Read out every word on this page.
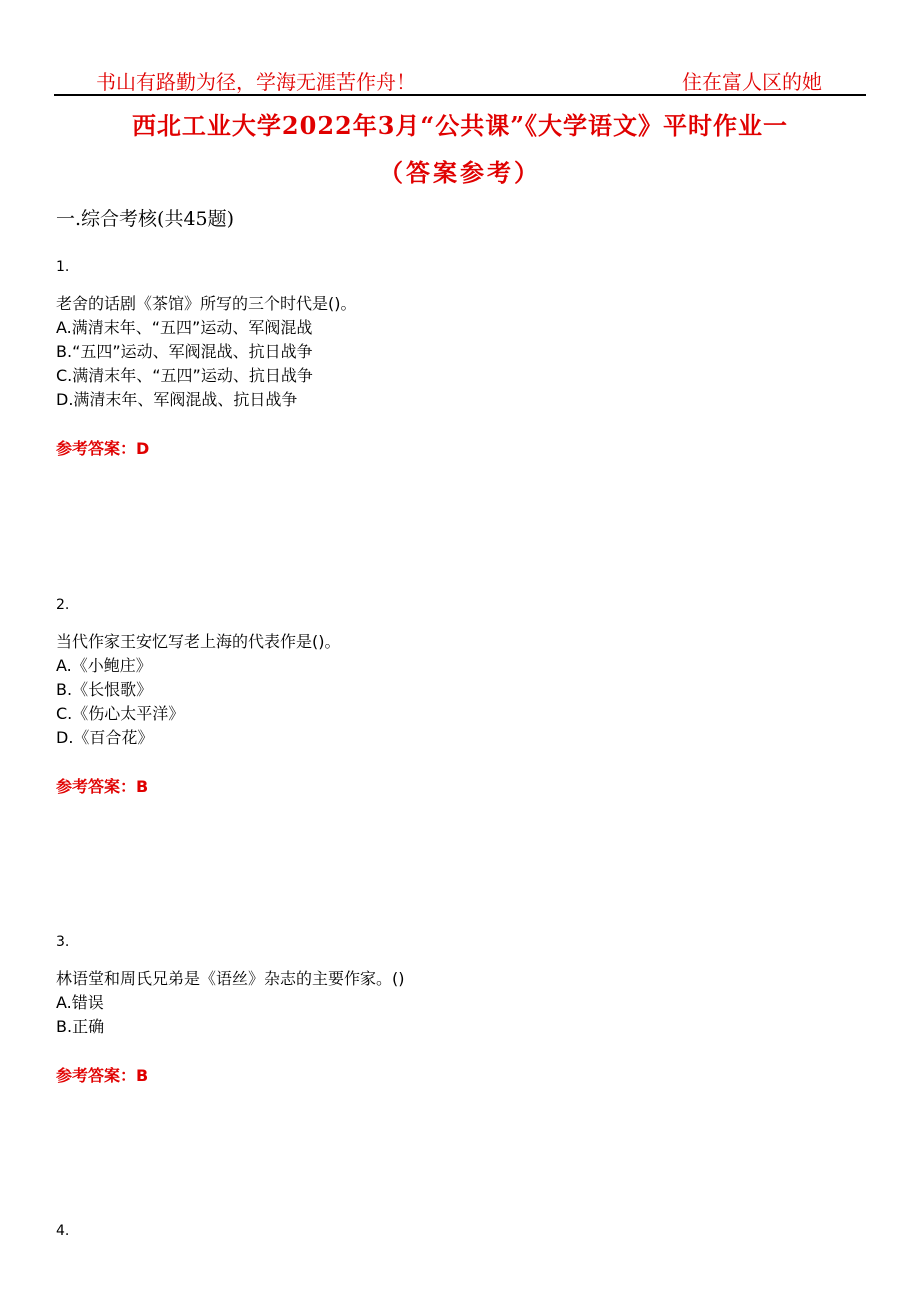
书山有路勤为径，学海无涯苦作舟！	住在富人区的她
西北工业大学2022年3月“公共课”《大学语文》平时作业一
（答案参考）
一.综合考核(共45题)
1.
老舍的话剧《茶馆》所写的三个时代是()。
A.满清末年、“五四”运动、军阀混战
B.“五四”运动、军阀混战、抗日战争
C.满清末年、“五四”运动、抗日战争
D.满清末年、军阀混战、抗日战争
参考答案：D
2.
当代作家王安忆写老上海的代表作是()。
A.《小鲍庄》
B.《长恨歌》
C.《伤心太平洋》
D.《百合花》
参考答案：B
3.
林语堂和周氏兄弟是《语丝》杂志的主要作家。()
A.错误
B.正确
参考答案：B
4.
